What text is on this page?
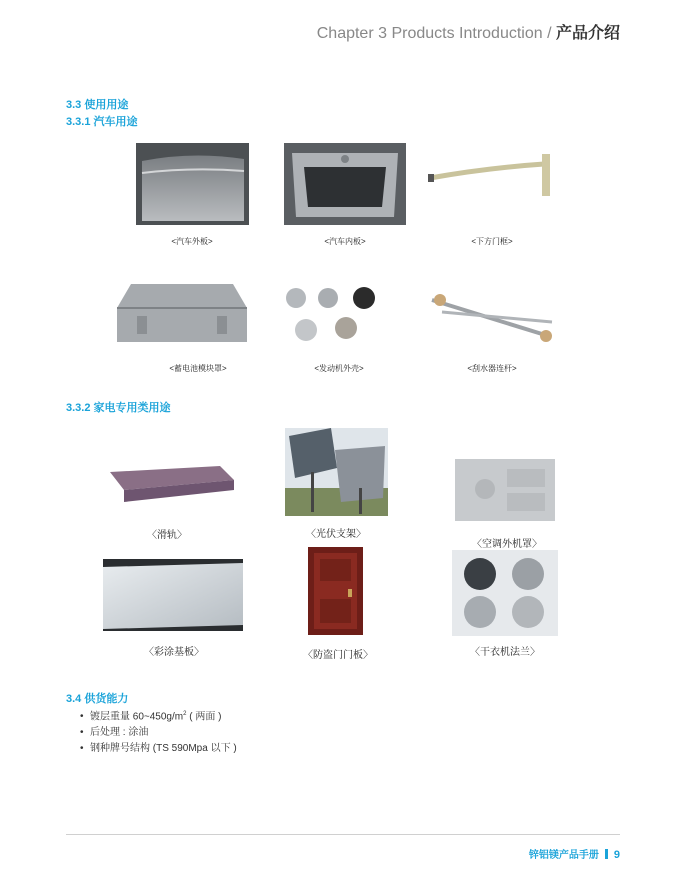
Chapter 3 Products Introduction / 产品介绍
3.3 使用用途
3.3.1 汽车用途
<汽车外板>	<汽车内板>	<下方门框>
<蓄电池模块罩>	<发动机外壳>	<刮水器连杆>
3.3.2 家电专用类用途
〈滑轨〉	〈光伏支架〉
〈空调外机罩〉
〈彩涂基板〉	〈防盗门门板〉	〈干衣机法兰〉
3.4 供货能力
• 镀层重量 $60\sim 450g/m^2$ ( 两面 )
• 后处理 : 涂油
• 钢种牌号结构 (TS 590Mpa 以下 )
锌铝镁产品手册 9
